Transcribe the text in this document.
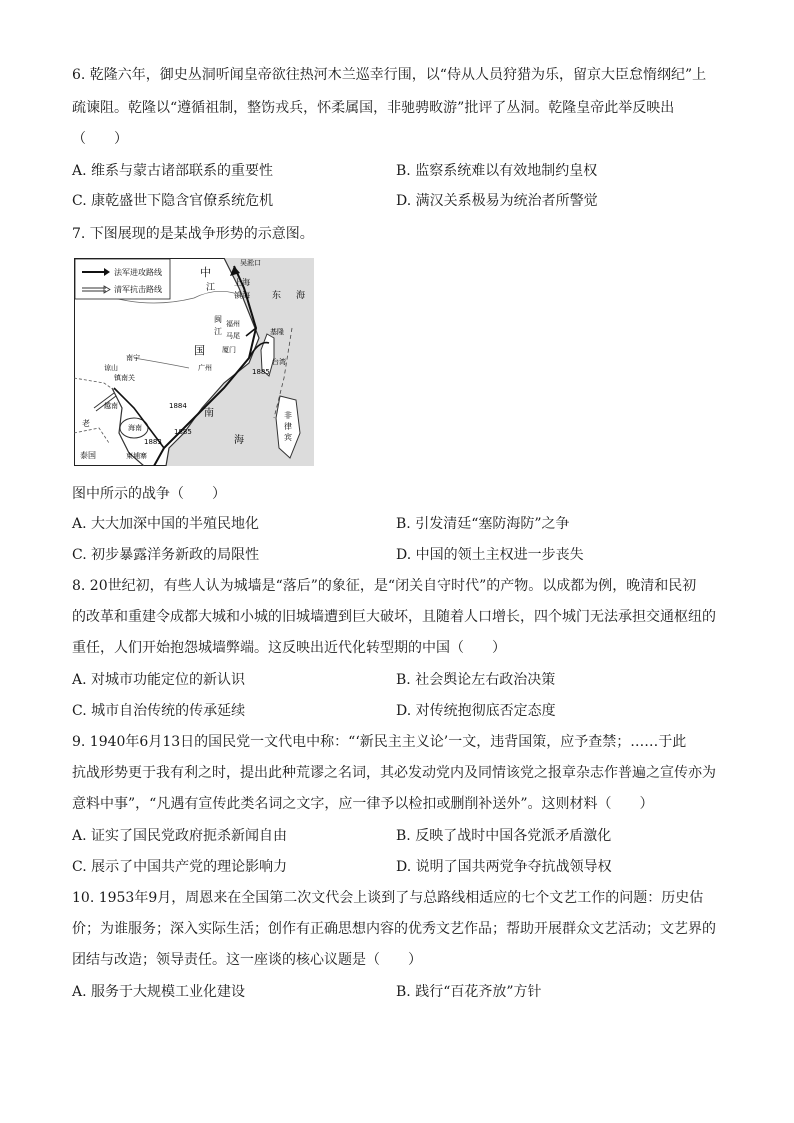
6. 乾隆六年，御史丛洞听闻皇帝欲往热河木兰巡幸行围，以“侍从人员狩猎为乐，留京大臣怠惰纲纪”上
疏谏阻。乾隆以“遵循祖制，整饬戎兵，怀柔属国，非驰骋畋游”批评了丛洞。乾隆皇帝此举反映出
（　　）
A. 维系与蒙古诸部联系的重要性	B. 监察系统难以有效地制约皇权
C. 康乾盛世下隐含官僚系统危机	D. 满汉关系极易为统治者所警觉
7. 下图展现的是某战争形势的示意图。
法军进攻路线
清军抗击路线
中
国
江
上海
镇海
吴淞口
东 海
闽
江
福州
马尾
厦门
基隆
台湾
1885
广州
南宁
谅山
镇南关
海南
南
海
非
律
宾
老
泰国	柬埔寨
越南	1884
1883
1885
图中所示的战争（　　）
A. 大大加深中国的半殖民地化	B. 引发清廷“塞防海防”之争
C. 初步暴露洋务新政的局限性	D. 中国的领土主权进一步丧失
8. 20世纪初，有些人认为城墙是“落后”的象征，是“闭关自守时代”的产物。以成都为例，晚清和民初
的改革和重建令成都大城和小城的旧城墙遭到巨大破坏，且随着人口增长，四个城门无法承担交通枢纽的
重任，人们开始抱怨城墙弊端。这反映出近代化转型期的中国（　　）
A. 对城市功能定位的新认识	B. 社会舆论左右政治决策
C. 城市自治传统的传承延续	D. 对传统抱彻底否定态度
9. 1940年6月13日的国民党一文代电中称：“‘新民主主义论’一文，违背国策，应予查禁；……于此
抗战形势更于我有利之时，提出此种荒谬之名词，其必发动党内及同情该党之报章杂志作普遍之宣传亦为
意料中事”，“凡遇有宣传此类名词之文字，应一律予以检扣或删削补送外”。这则材料（　　）
A. 证实了国民党政府扼杀新闻自由	B. 反映了战时中国各党派矛盾激化
C. 展示了中国共产党的理论影响力	D. 说明了国共两党争夺抗战领导权
10. 1953年9月，周恩来在全国第二次文代会上谈到了与总路线相适应的七个文艺工作的问题：历史估
价；为谁服务；深入实际生活；创作有正确思想内容的优秀文艺作品；帮助开展群众文艺活动；文艺界的
团结与改造；领导责任。这一座谈的核心议题是（　　）
A. 服务于大规模工业化建设	B. 践行“百花齐放”方针
